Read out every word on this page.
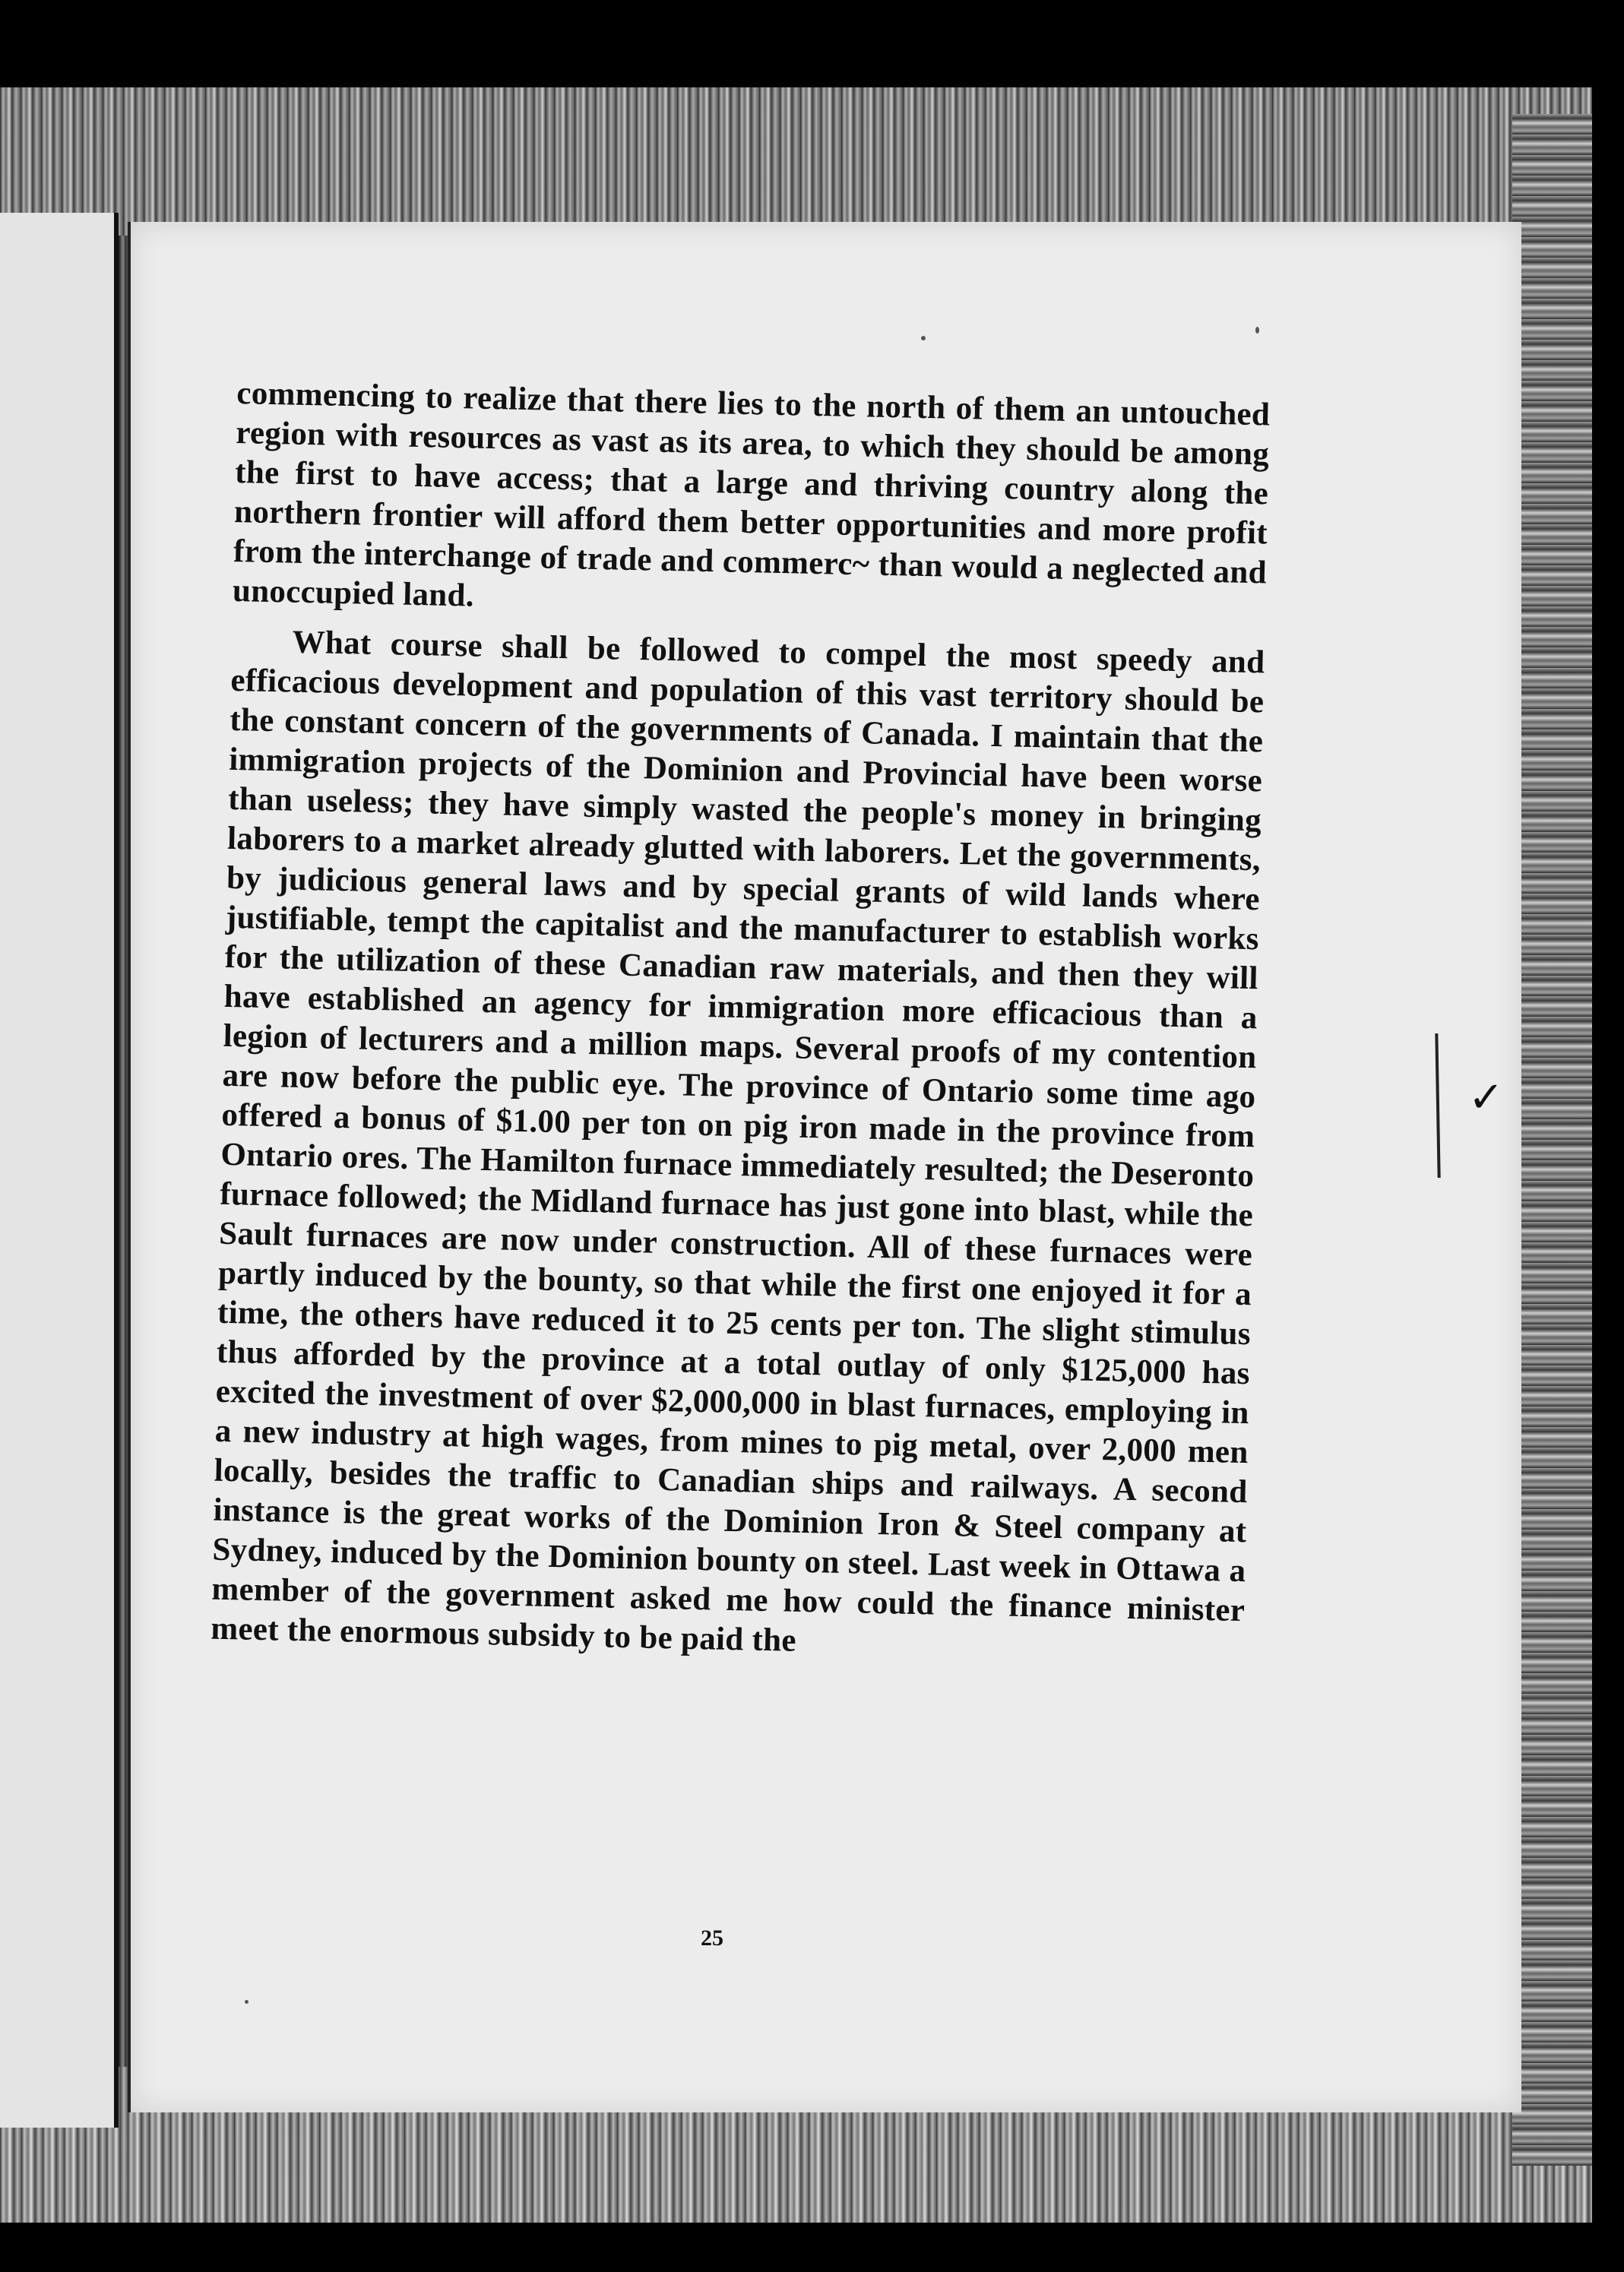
commencing to realize that there lies to the north of them an untouched region with resources as vast as its area, to which they should be among the first to have access; that a large and thriving country along the northern frontier will afford them better opportunities and more profit from the interchange of trade and commerc~ than would a neglected and unoccupied land.

What course shall be followed to compel the most speedy and efficacious development and population of this vast territory should be the constant concern of the governments of Canada. I maintain that the immigration projects of the Dominion and Provincial have been worse than useless; they have simply wasted the people's money in bringing laborers to a market already glutted with laborers. Let the governments, by judicious general laws and by special grants of wild lands where justifiable, tempt the capitalist and the manufacturer to establish works for the utilization of these Canadian raw materials, and then they will have established an agency for immigration more efficacious than a legion of lecturers and a million maps. Several proofs of my contention are now before the public eye. The province of Ontario some time ago offered a bonus of $1.00 per ton on pig iron made in the province from Ontario ores. The Hamilton furnace immediately resulted; the Deseronto furnace followed; the Midland furnace has just gone into blast, while the Sault furnaces are now under construction. All of these furnaces were partly induced by the bounty, so that while the first one enjoyed it for a time, the others have reduced it to 25 cents per ton. The slight stimulus thus afforded by the province at a total outlay of only $125,000 has excited the investment of over $2,000,000 in blast furnaces, employing in a new industry at high wages, from mines to pig metal, over 2,000 men locally, besides the traffic to Canadian ships and railways. A second instance is the great works of the Dominion Iron & Steel company at Sydney, induced by the Dominion bounty on steel. Last week in Ottawa a member of the government asked me how could the finance minister meet the enormous subsidy to be paid the

25
✓
